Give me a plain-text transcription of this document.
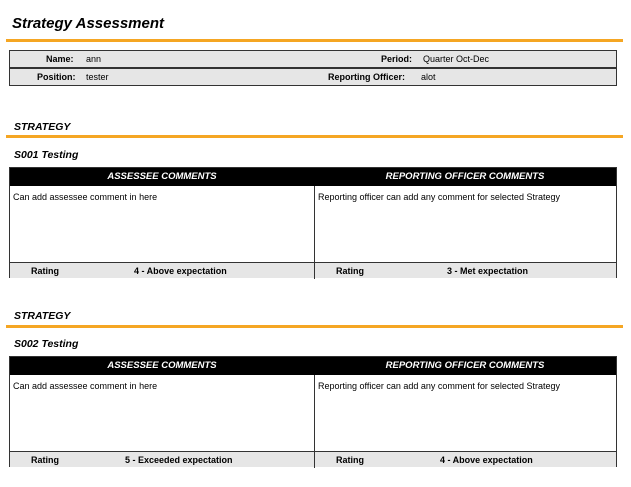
Strategy Assessment
Name: ann	Period: Quarter Oct-Dec
Position: tester	Reporting Officer: alot
STRATEGY
S001 Testing
ASSESSEE COMMENTS	REPORTING OFFICER COMMENTS
Can add assessee comment in here	Reporting officer can add any comment for selected Strategy
Rating	4 - Above expectation	Rating	3 - Met expectation
STRATEGY
S002 Testing
ASSESSEE COMMENTS	REPORTING OFFICER COMMENTS
Can add assessee comment in here	Reporting officer can add any comment for selected Strategy
Rating	5 - Exceeded expectation	Rating	4 - Above expectation
